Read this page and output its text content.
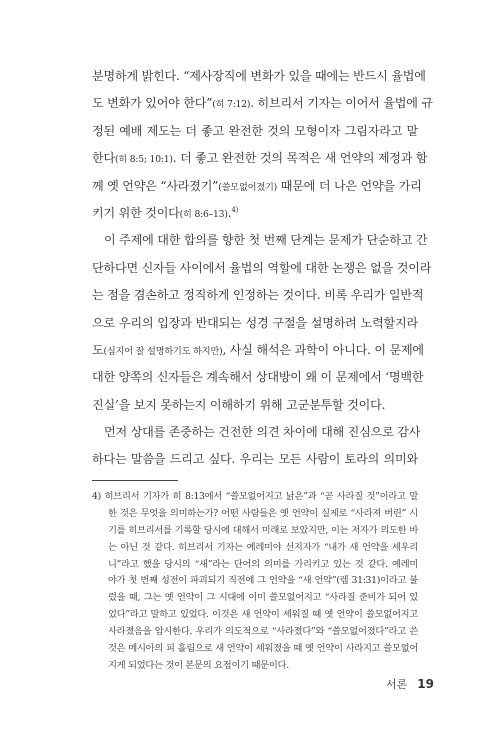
분명하게 밝힌다. “제사장직에 변화가 있을 때에는 반드시 율법에
도 변화가 있어야 한다”(히 7:12). 히브리서 기자는 이어서 율법에 규
정된 예배 제도는 더 좋고 완전한 것의 모형이자 그림자라고 말
한다(히 8:5; 10:1). 더 좋고 완전한 것의 목적은 새 언약의 제정과 함
께 옛 언약은 “사라졌기”(쓸모없어졌기) 때문에 더 나은 언약을 가리
키기 위한 것이다(히 8:6–13).$^{4)}$
이 주제에 대한 합의를 향한 첫 번째 단계는 문제가 단순하고 간
단하다면 신자들 사이에서 율법의 역할에 대한 논쟁은 없을 것이라
는 점을 겸손하고 정직하게 인정하는 것이다. 비록 우리가 일반적
으로 우리의 입장과 반대되는 성경 구절을 설명하려 노력할지라
도(심지어 잘 설명하기도 하지만), 사실 해석은 과학이 아니다. 이 문제에
대한 양쪽의 신자들은 계속해서 상대방이 왜 이 문제에서 ‘명백한
진실’을 보지 못하는지 이해하기 위해 고군분투할 것이다.
먼저 상대를 존중하는 건전한 의견 차이에 대해 진심으로 감사
하다는 말씀을 드리고 싶다. 우리는 모든 사람이 토라의 의미와
4) 히브리서 기자가 히 8:13에서 “쓸모없어지고 낡은”과 “곧 사라질 것”이라고 말
한 것은 무엇을 의미하는가? 어떤 사람들은 옛 언약이 실제로 “사라져 버린” 시
기를 히브리서를 기록할 당시에 대해서 미래로 보았지만, 이는 저자가 의도한 바
는 아닌 것 같다. 히브리서 기자는 예레미야 선지자가 “내가 새 언약을 세우리
니”라고 했을 당시의 “새”라는 단어의 의미를 가리키고 있는 것 같다. 예레미
야가 첫 번째 성전이 파괴되기 직전에 그 언약을 “새 언약”(렘 31:31)이라고 불
렀을 때, 그는 옛 언약이 그 시대에 이미 쓸모없어지고 “사라질 준비가 되어 있
었다”라고 말하고 있었다. 이것은 새 언약이 세워질 때 옛 언약이 쓸모없어지고
사라졌음을 암시한다. 우리가 의도적으로 “사라졌다”와 “쓸모없어졌다”라고 쓴
것은 메시아의 피 흘림으로 새 언약이 세워졌을 때 옛 언약이 사라지고 쓸모없어
지게 되었다는 것이 본문의 요점이기 때문이다.
서론 19
